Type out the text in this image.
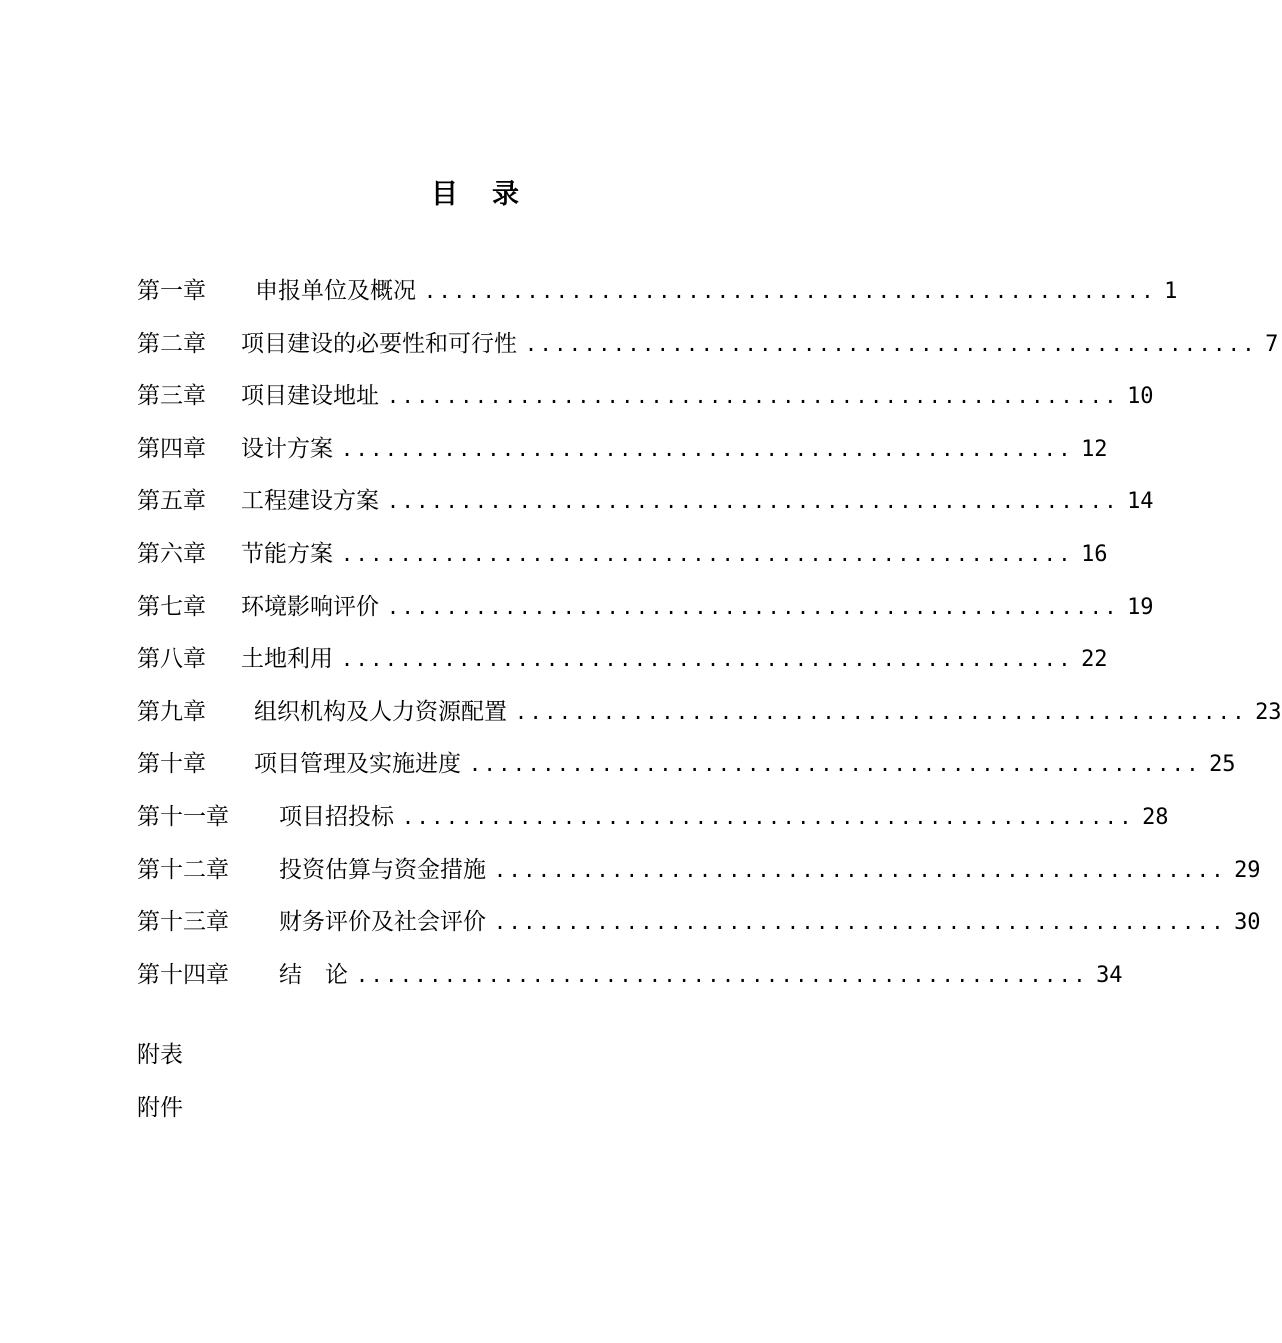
目 录
第一章	申报单位及概况 .................................................. 1
第二章	项目建设的必要性和可行性 .................................................. 7
第三章	项目建设地址 .................................................. 10
第四章	设计方案 .................................................. 12
第五章	工程建设方案 .................................................. 14
第六章	节能方案 .................................................. 16
第七章	环境影响评价 .................................................. 19
第八章	土地利用 .................................................. 22
第九章	组织机构及人力资源配置 .................................................. 23
第十章	项目管理及实施进度 .................................................. 25
第十一章	项目招投标 .................................................. 28
第十二章	投资估算与资金措施 .................................................. 29
第十三章	财务评价及社会评价 .................................................. 30
第十四章	结　论 .................................................. 34
附表
附件
